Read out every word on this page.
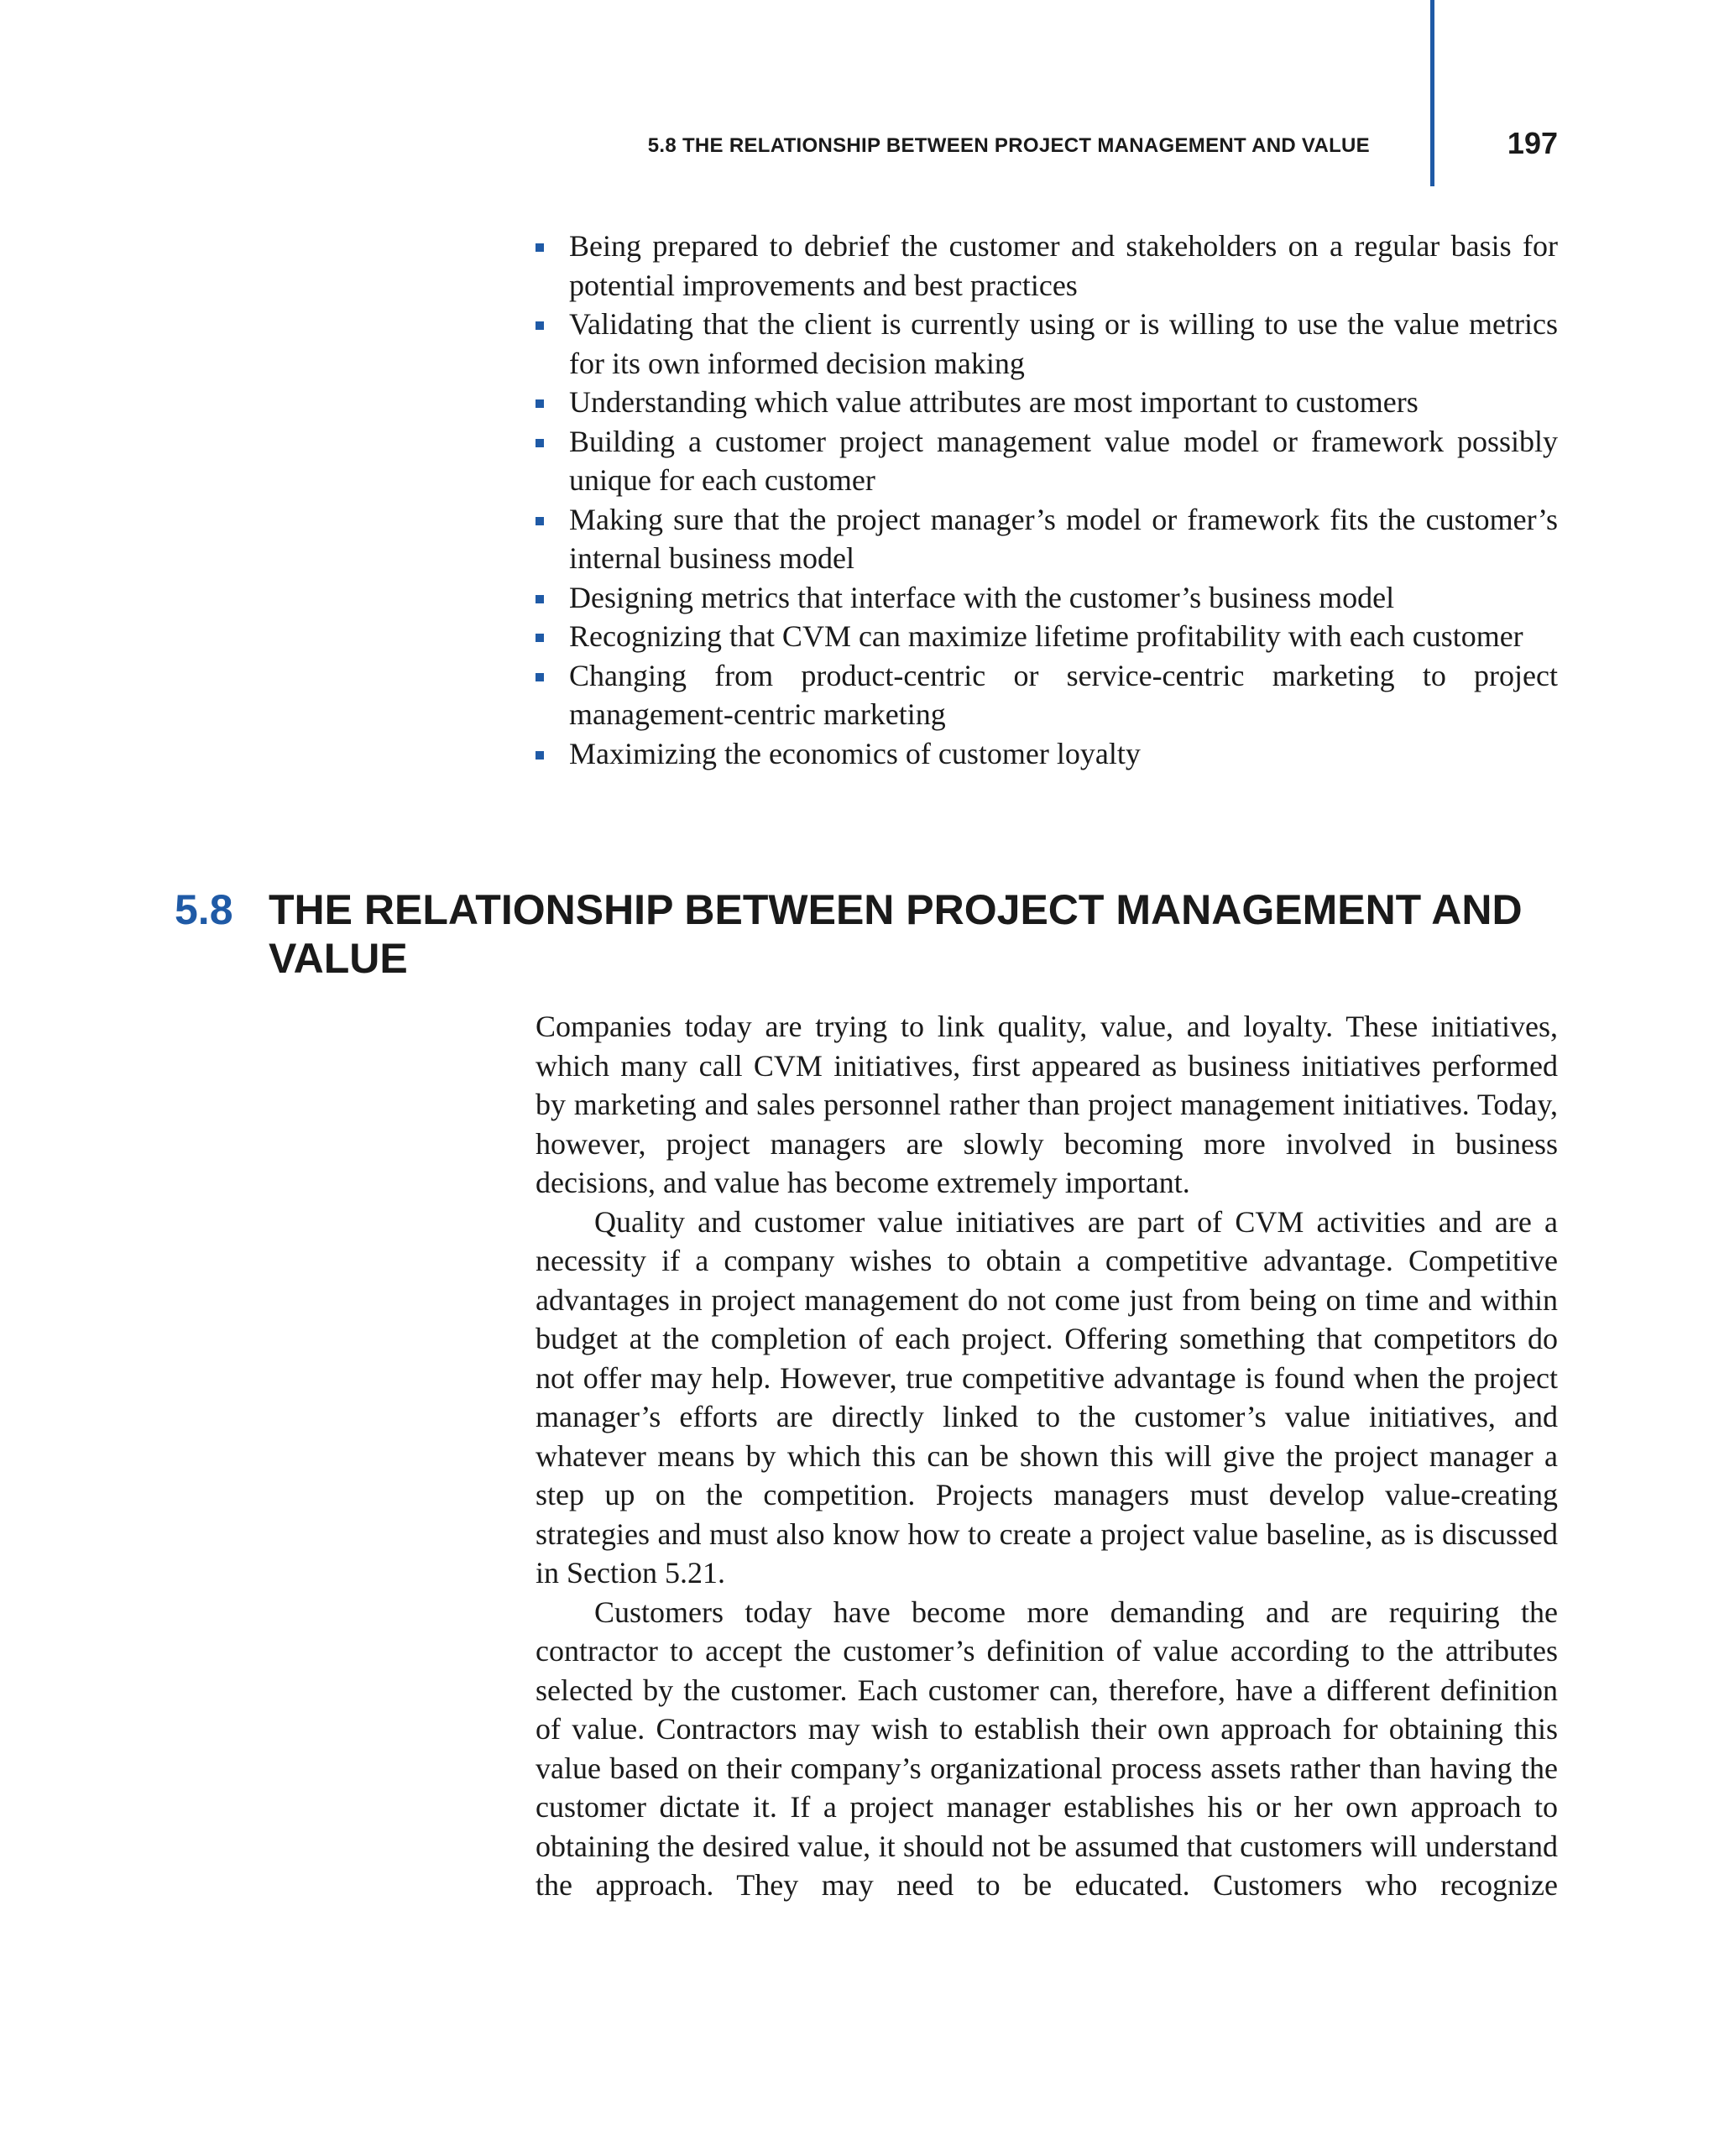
5.8 THE RELATIONSHIP BETWEEN PROJECT MANAGEMENT AND VALUE	197
Being prepared to debrief the customer and stakeholders on a regular basis for potential improvements and best practices
Validating that the client is currently using or is willing to use the value metrics for its own informed decision making
Understanding which value attributes are most important to customers
Building a customer project management value model or framework possibly unique for each customer
Making sure that the project manager’s model or framework fits the customer’s internal business model
Designing metrics that interface with the customer’s business model
Recognizing that CVM can maximize lifetime profitability with each customer
Changing from product-centric or service-centric marketing to project management-centric marketing
Maximizing the economics of customer loyalty
5.8 THE RELATIONSHIP BETWEEN PROJECT MANAGEMENT AND VALUE

Companies today are trying to link quality, value, and loyalty. These initiatives, which many call CVM initiatives, first appeared as business initiatives performed by marketing and sales personnel rather than project management initiatives. Today, however, project managers are slowly becoming more involved in business decisions, and value has become extremely important.

Quality and customer value initiatives are part of CVM activities and are a necessity if a company wishes to obtain a competitive advantage. Competitive advantages in project management do not come just from being on time and within budget at the completion of each project. Offering something that competitors do not offer may help. However, true competitive advantage is found when the project manager’s efforts are directly linked to the customer’s value initiatives, and whatever means by which this can be shown this will give the project manager a step up on the competition. Projects managers must develop value-creating strategies and must also know how to create a project value baseline, as is discussed in Section 5.21.

Customers today have become more demanding and are requiring the contractor to accept the customer’s definition of value according to the attributes selected by the customer. Each customer can, therefore, have a different definition of value. Contractors may wish to establish their own approach for obtaining this value based on their company’s organizational process assets rather than having the customer dictate it. If a project manager establishes his or her own approach to obtaining the desired value, it should not be assumed that customers will understand the approach. They may need to be educated. Customers who recognize
